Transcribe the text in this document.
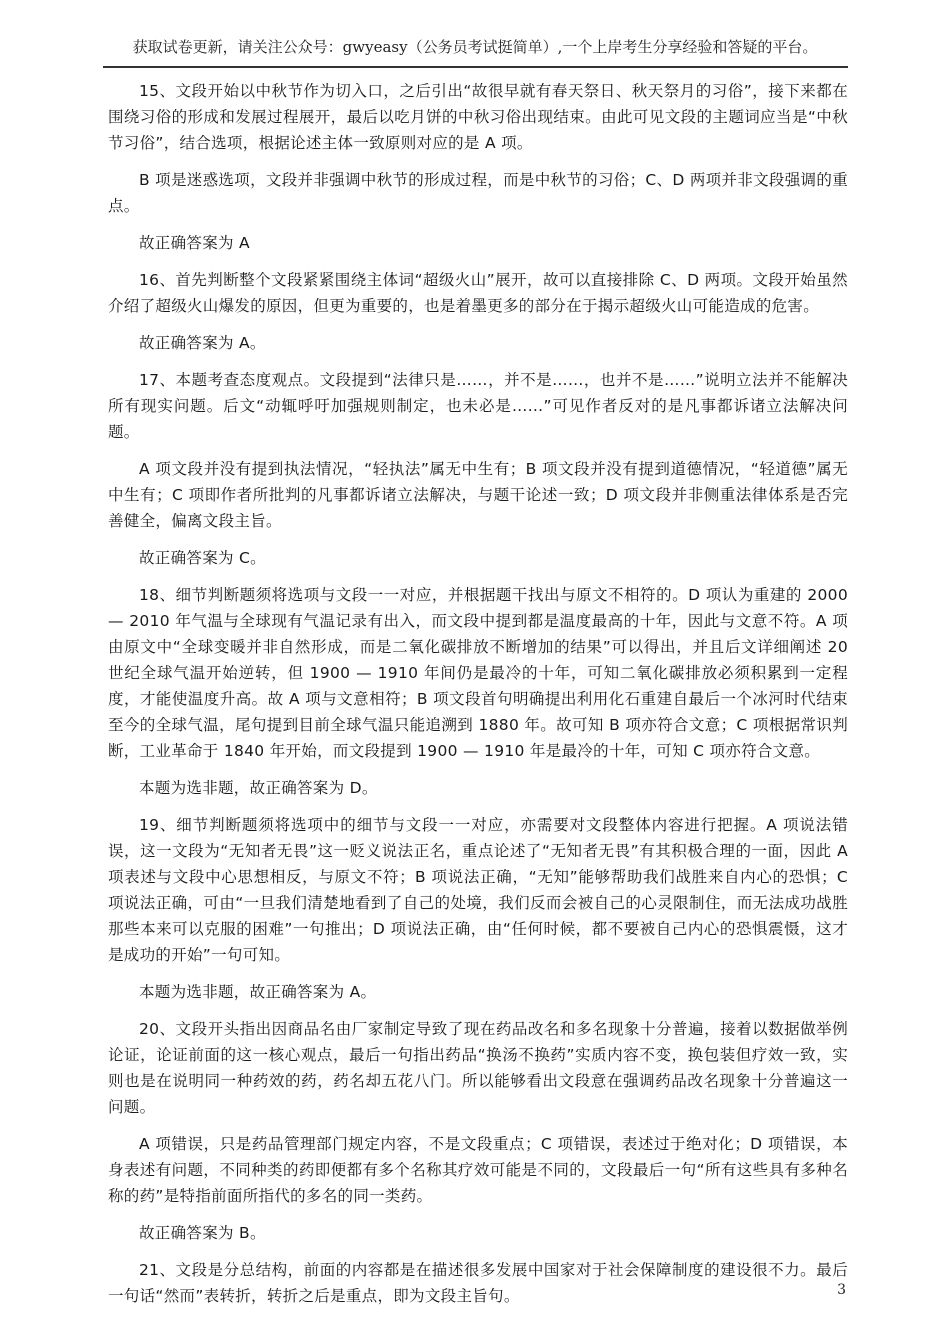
获取试卷更新，请关注公众号：gwyeasy（公务员考试挺简单）,一个上岸考生分享经验和答疑的平台。

15、文段开始以中秋节作为切入口，之后引出“故很早就有春天祭日、秋天祭月的习俗”，接下来都在围绕习俗的形成和发展过程展开，最后以吃月饼的中秋习俗出现结束。由此可见文段的主题词应当是“中秋节习俗”，结合选项，根据论述主体一致原则对应的是 A 项。

B 项是迷惑选项，文段并非强调中秋节的形成过程，而是中秋节的习俗；C、D 两项并非文段强调的重点。

故正确答案为 A

16、首先判断整个文段紧紧围绕主体词“超级火山”展开，故可以直接排除 C、D 两项。文段开始虽然介绍了超级火山爆发的原因，但更为重要的，也是着墨更多的部分在于揭示超级火山可能造成的危害。

故正确答案为 A。

17、本题考查态度观点。文段提到“法律只是……，并不是……，也并不是……”说明立法并不能解决所有现实问题。后文“动辄呼吁加强规则制定，也未必是……”可见作者反对的是凡事都诉诸立法解决问题。

A 项文段并没有提到执法情况，“轻执法”属无中生有；B 项文段并没有提到道德情况，“轻道德”属无中生有；C 项即作者所批判的凡事都诉诸立法解决，与题干论述一致；D 项文段并非侧重法律体系是否完善健全，偏离文段主旨。

故正确答案为 C。

18、细节判断题须将选项与文段一一对应，并根据题干找出与原文不相符的。D 项认为重建的 2000 — 2010 年气温与全球现有气温记录有出入，而文段中提到都是温度最高的十年，因此与文意不符。A 项由原文中“全球变暖并非自然形成，而是二氧化碳排放不断增加的结果”可以得出，并且后文详细阐述 20 世纪全球气温开始逆转，但 1900 — 1910 年间仍是最冷的十年，可知二氧化碳排放必须积累到一定程度，才能使温度升高。故 A 项与文意相符；B 项文段首句明确提出利用化石重建自最后一个冰河时代结束至今的全球气温，尾句提到目前全球气温只能追溯到 1880 年。故可知 B 项亦符合文意；C 项根据常识判断，工业革命于 1840 年开始，而文段提到 1900 — 1910 年是最冷的十年，可知 C 项亦符合文意。

本题为选非题，故正确答案为 D。

19、细节判断题须将选项中的细节与文段一一对应，亦需要对文段整体内容进行把握。A 项说法错误，这一文段为“无知者无畏”这一贬义说法正名，重点论述了“无知者无畏”有其积极合理的一面，因此 A 项表述与文段中心思想相反，与原文不符；B 项说法正确，“无知”能够帮助我们战胜来自内心的恐惧；C 项说法正确，可由“一旦我们清楚地看到了自己的处境，我们反而会被自己的心灵限制住，而无法成功战胜那些本来可以克服的困难”一句推出；D 项说法正确，由“任何时候，都不要被自己内心的恐惧震慑，这才是成功的开始”一句可知。

本题为选非题，故正确答案为 A。

20、文段开头指出因商品名由厂家制定导致了现在药品改名和多名现象十分普遍，接着以数据做举例论证，论证前面的这一核心观点，最后一句指出药品“换汤不换药”实质内容不变，换包装但疗效一致，实则也是在说明同一种药效的药，药名却五花八门。所以能够看出文段意在强调药品改名现象十分普遍这一问题。

A 项错误，只是药品管理部门规定内容，不是文段重点；C 项错误，表述过于绝对化；D 项错误，本身表述有问题，不同种类的药即便都有多个名称其疗效可能是不同的，文段最后一句“所有这些具有多种名称的药”是特指前面所指代的多名的同一类药。

故正确答案为 B。

21、文段是分总结构，前面的内容都是在描述很多发展中国家对于社会保障制度的建设很不力。最后一句话“然而”表转折，转折之后是重点，即为文段主旨句。	3
